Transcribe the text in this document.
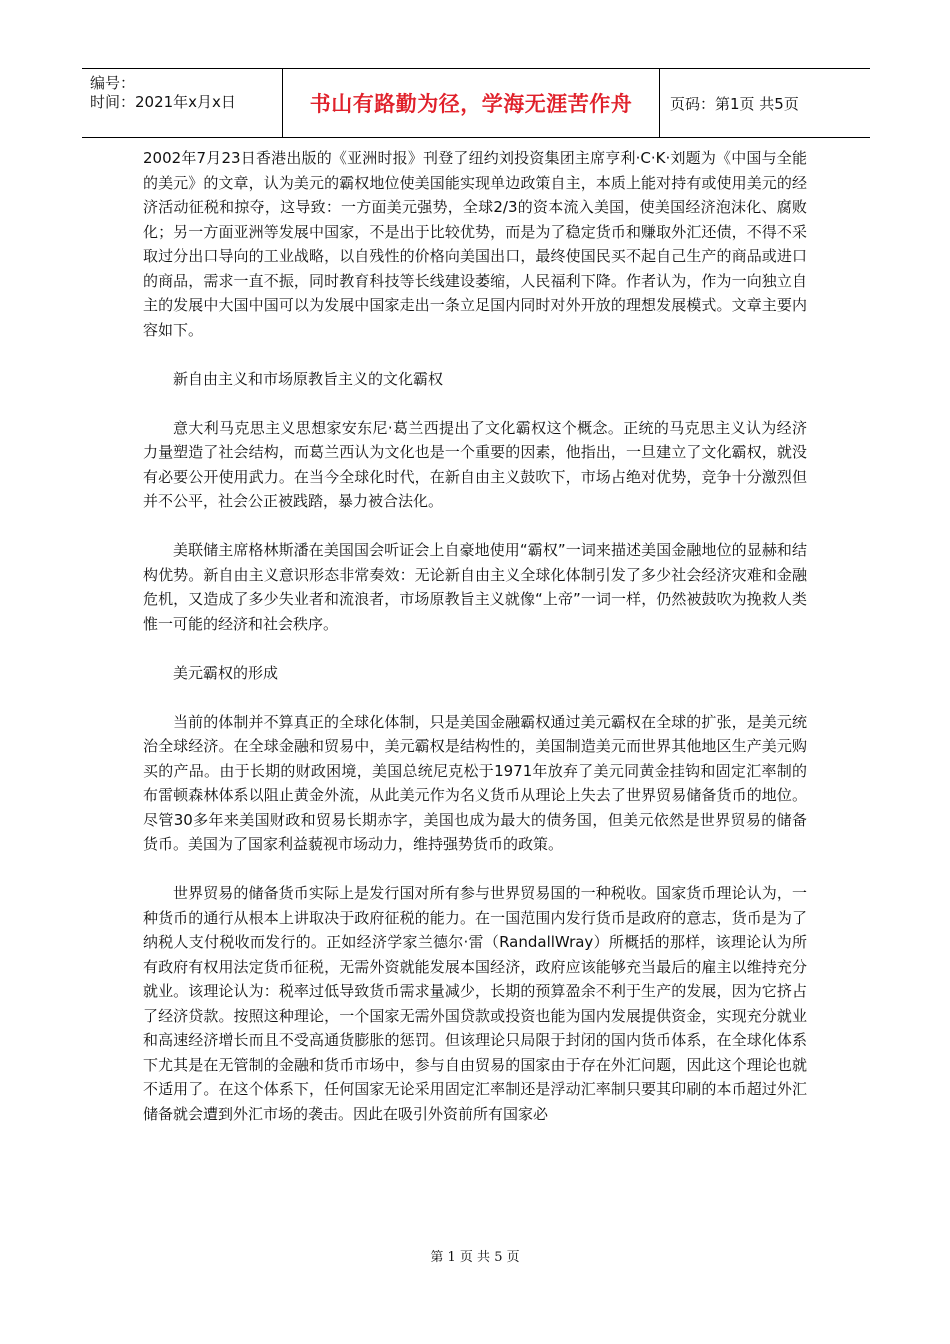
编号：
时间：2021年x月x日	书山有路勤为径，学海无涯苦作舟	页码：第1页 共5页

2002年7月23日香港出版的《亚洲时报》刊登了纽约刘投资集团主席亨利·C·K·刘题为《中国与全能的美元》的文章，认为美元的霸权地位使美国能实现单边政策自主，本质上能对持有或使用美元的经济活动征税和掠夺，这导致：一方面美元强势，全球2/3的资本流入美国，使美国经济泡沫化、腐败化；另一方面亚洲等发展中国家，不是出于比较优势，而是为了稳定货币和赚取外汇还债，不得不采取过分出口导向的工业战略，以自残性的价格向美国出口，最终使国民买不起自己生产的商品或进口的商品，需求一直不振，同时教育科技等长线建设萎缩，人民福利下降。作者认为，作为一向独立自主的发展中大国中国可以为发展中国家走出一条立足国内同时对外开放的理想发展模式。文章主要内容如下。

新自由主义和市场原教旨主义的文化霸权

意大利马克思主义思想家安东尼·葛兰西提出了文化霸权这个概念。正统的马克思主义认为经济力量塑造了社会结构，而葛兰西认为文化也是一个重要的因素，他指出，一旦建立了文化霸权，就没有必要公开使用武力。在当今全球化时代，在新自由主义鼓吹下，市场占绝对优势，竞争十分激烈但并不公平，社会公正被践踏，暴力被合法化。

美联储主席格林斯潘在美国国会听证会上自豪地使用“霸权”一词来描述美国金融地位的显赫和结构优势。新自由主义意识形态非常奏效：无论新自由主义全球化体制引发了多少社会经济灾难和金融危机，又造成了多少失业者和流浪者，市场原教旨主义就像“上帝”一词一样，仍然被鼓吹为挽救人类惟一可能的经济和社会秩序。

美元霸权的形成

当前的体制并不算真正的全球化体制，只是美国金融霸权通过美元霸权在全球的扩张，是美元统治全球经济。在全球金融和贸易中，美元霸权是结构性的，美国制造美元而世界其他地区生产美元购买的产品。由于长期的财政困境，美国总统尼克松于1971年放弃了美元同黄金挂钩和固定汇率制的布雷顿森林体系以阻止黄金外流，从此美元作为名义货币从理论上失去了世界贸易储备货币的地位。尽管30多年来美国财政和贸易长期赤字，美国也成为最大的债务国，但美元依然是世界贸易的储备货币。美国为了国家利益藐视市场动力，维持强势货币的政策。

世界贸易的储备货币实际上是发行国对所有参与世界贸易国的一种税收。国家货币理论认为，一种货币的通行从根本上讲取决于政府征税的能力。在一国范围内发行货币是政府的意志，货币是为了纳税人支付税收而发行的。正如经济学家兰德尔·雷（RandallWray）所概括的那样，该理论认为所有政府有权用法定货币征税，无需外资就能发展本国经济，政府应该能够充当最后的雇主以维持充分就业。该理论认为：税率过低导致货币需求量减少，长期的预算盈余不利于生产的发展，因为它挤占了经济贷款。按照这种理论，一个国家无需外国贷款或投资也能为国内发展提供资金，实现充分就业和高速经济增长而且不受高通货膨胀的惩罚。但该理论只局限于封闭的国内货币体系，在全球化体系下尤其是在无管制的金融和货币市场中，参与自由贸易的国家由于存在外汇问题，因此这个理论也就不适用了。在这个体系下，任何国家无论采用固定汇率制还是浮动汇率制只要其印刷的本币超过外汇储备就会遭到外汇市场的袭击。因此在吸引外资前所有国家必

第 1 页 共 5 页
